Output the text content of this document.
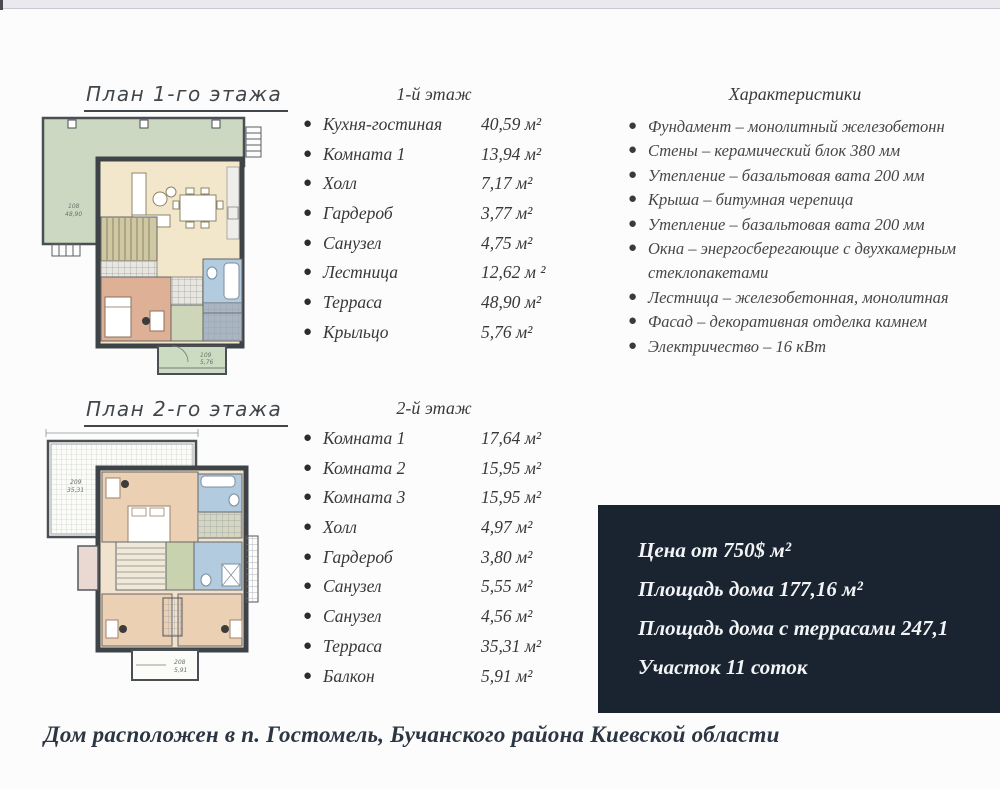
План 1-го этажа
108
48,90
109
5,76
1-й этаж
● Кухня-гостиная	40,59 м²
● Комната 1	13,94 м²
● Холл	7,17 м²
● Гардероб	3,77 м²
● Санузел	4,75 м²
● Лестница	12,62 м ²
● Терраса	48,90 м²
● Крыльцо	5,76 м²
Характеристики
● Фундамент – монолитный железобетонн
● Стены – керамический блок 380 мм
● Утепление – базальтовая вата 200 мм
● Крыша – битумная черепица
● Утепление – базальтовая вата 200 мм
● Окна – энергосберегающие с двухкамерным
стеклопакетами
● Лестница – железобетонная, монолитная
● Фасад – декоративная отделка камнем
● Электричество – 16 кВт
План 2-го этажа
209
35,31
208
5,91
2-й этаж
● Комната 1	17,64 м²
● Комната 2	15,95 м²
● Комната 3	15,95 м²
● Холл	4,97 м²
● Гардероб	3,80 м²
● Санузел	5,55 м²
● Санузел	4,56 м²
● Терраса	35,31 м²
● Балкон	5,91 м²
Цена от 750$ м²
Площадь дома 177,16 м²
Площадь дома с террасами 247,1
Участок 11 соток
Дом расположен в п. Гостомель, Бучанского района Киевской области
